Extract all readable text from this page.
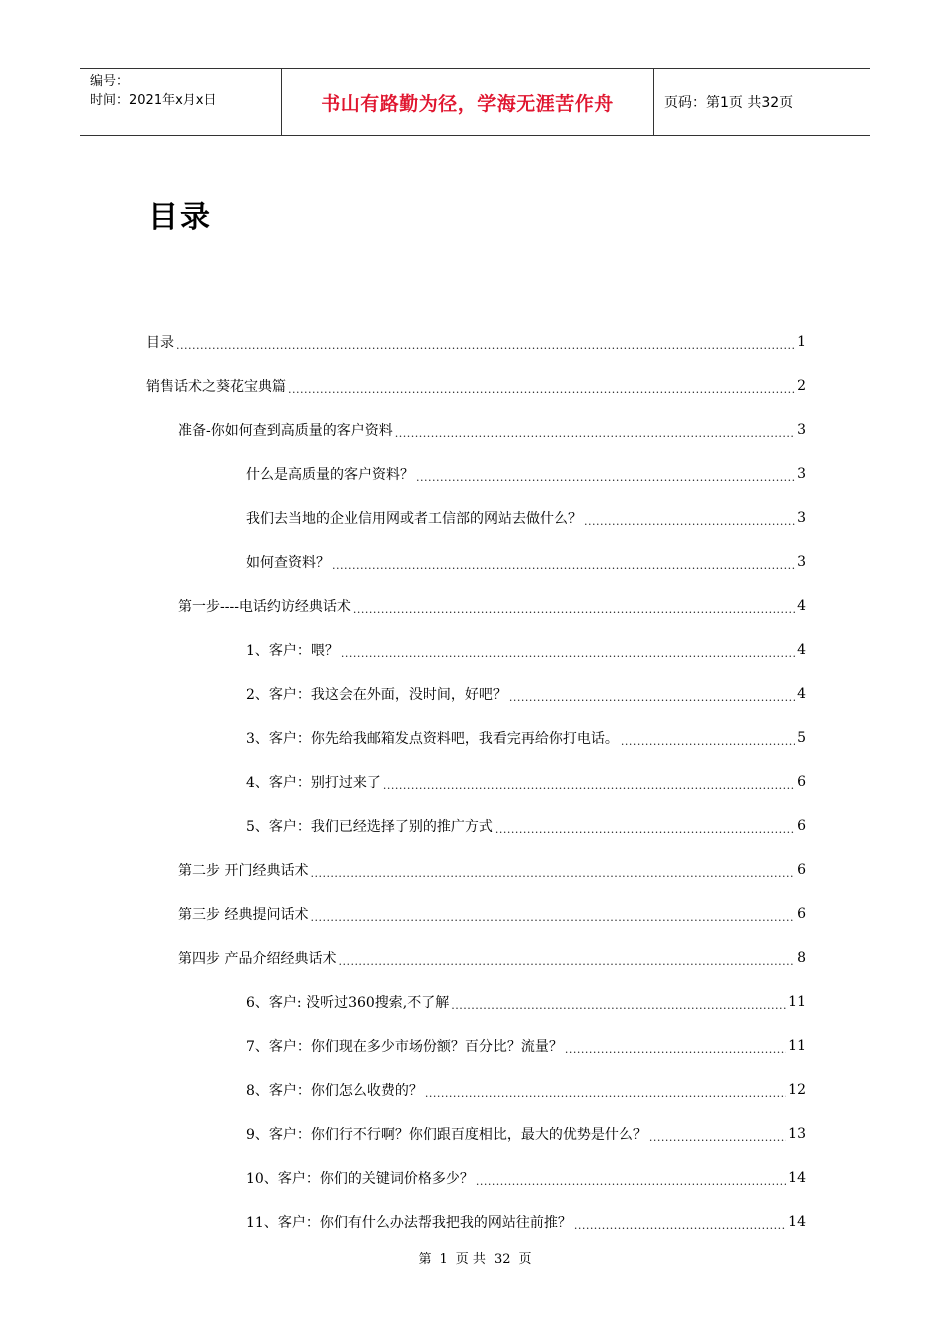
编号：
时间：2021年x月x日	书山有路勤为径，学海无涯苦作舟	页码：第1页 共32页
目录
目录 .....	1
销售话术之葵花宝典篇 .....	2
准备-你如何查到高质量的客户资料 .....	3
什么是高质量的客户资料？ .....	3
我们去当地的企业信用网或者工信部的网站去做什么？ .....	3
如何查资料？ .....	3
第一步----电话约访经典话术 .....	4
1、客户：喂？ .....	4
2、客户：我这会在外面，没时间，好吧？ .....	4
3、客户：你先给我邮箱发点资料吧，我看完再给你打电话。 .....	5
4、客户：别打过来了 .....	6
5、客户：我们已经选择了别的推广方式 .....	6
第二步 开门经典话术 .....	6
第三步 经典提问话术 .....	6
第四步 产品介绍经典话术 .....	8
6、客户: 没听过360搜索,不了解 .....	11
7、客户：你们现在多少市场份额？百分比？流量？ .....	11
8、客户：你们怎么收费的？ .....	12
9、客户：你们行不行啊？你们跟百度相比，最大的优势是什么？ .....	13
10、客户：你们的关键词价格多少？ .....	14
11、客户：你们有什么办法帮我把我的网站往前推？ .....	14
第 1 页 共 32 页
